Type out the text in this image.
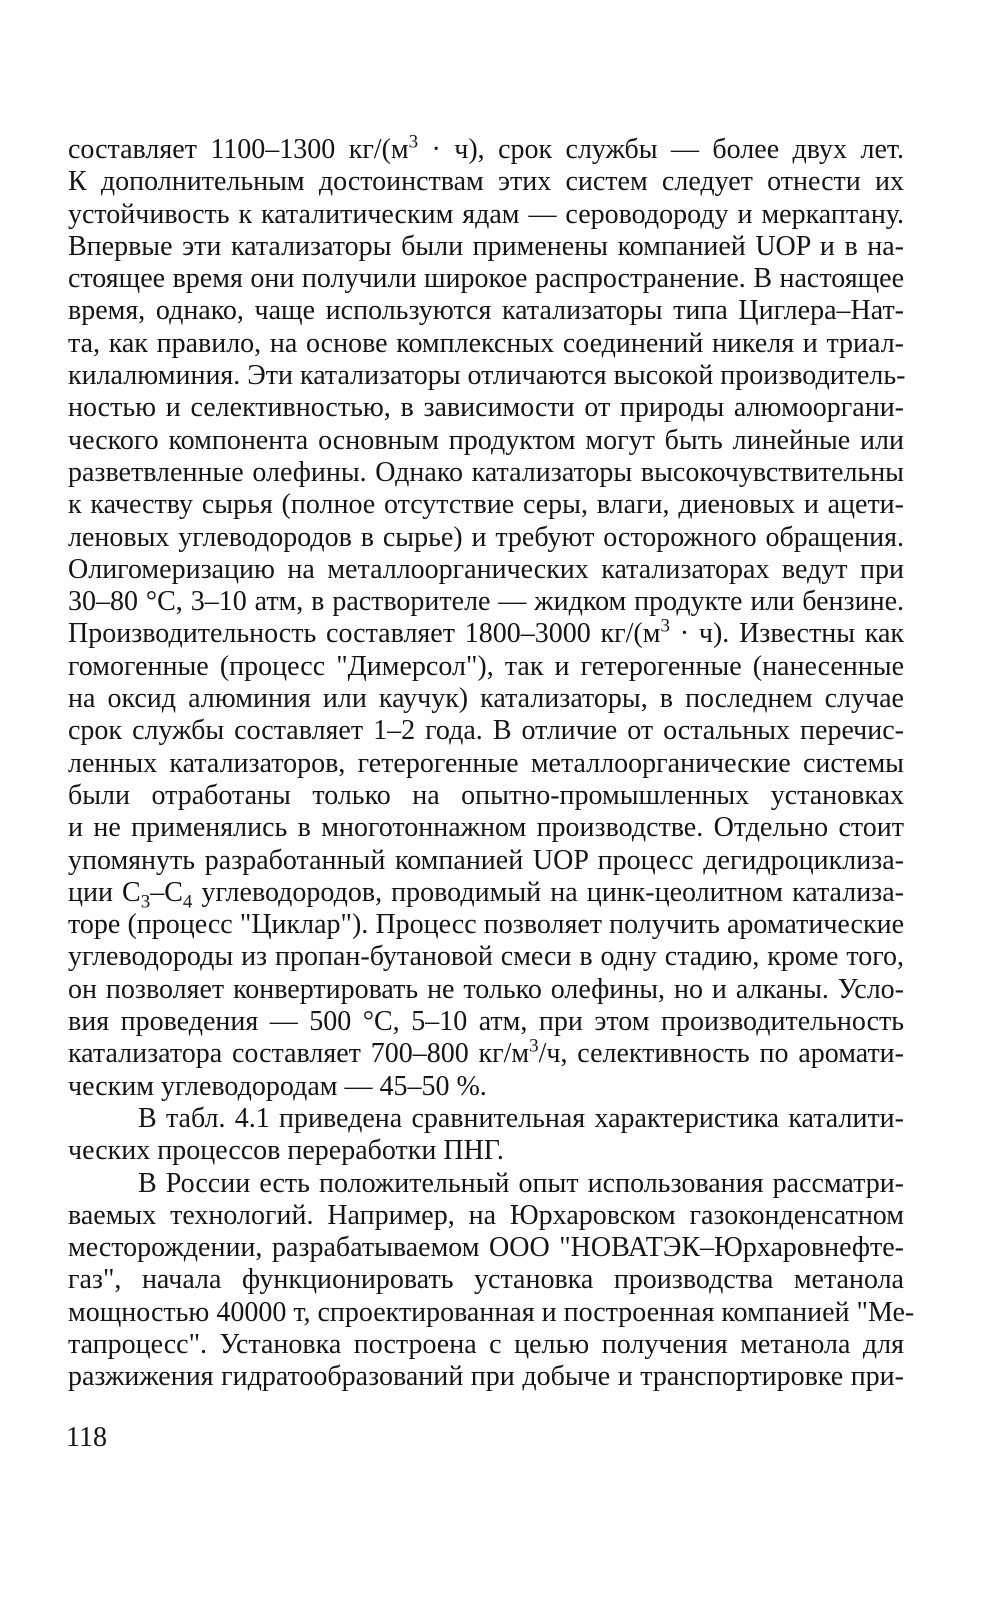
составляет 1100–1300 $кг/(м^3 \cdot ч)$, срок службы — более двух лет.
К дополнительным достоинствам этих систем следует отнести их
устойчивость к каталитическим ядам — сероводороду и меркаптану.
Впервые эти катализаторы были применены компанией UOP и в на-
стоящее время они получили широкое распространение. В настоящее
время, однако, чаще используются катализаторы типа Циглера–Нат-
та, как правило, на основе комплексных соединений никеля и триал-
килалюминия. Эти катализаторы отличаются высокой производитель-
ностью и селективностью, в зависимости от природы алюмооргани-
ческого компонента основным продуктом могут быть линейные или
разветвленные олефины. Однако катализаторы высокочувствительны
к качеству сырья (полное отсутствие серы, влаги, диеновых и ацети-
леновых углеводородов в сырье) и требуют осторожного обращения.
Олигомеризацию на металлоорганических катализаторах ведут при
30–80 °C, 3–10 атм, в растворителе — жидком продукте или бензине.
Производительность составляет 1800–3000 $кг/(м^3 \cdot ч)$. Известны как
гомогенные (процесс "Димерсол"), так и гетерогенные (нанесенные
на оксид алюминия или каучук) катализаторы, в последнем случае
срок службы составляет 1–2 года. В отличие от остальных перечис-
ленных катализаторов, гетерогенные металлоорганические системы
были отработаны только на опытно-промышленных установках
и не применялись в многотоннажном производстве. Отдельно стоит
упомянуть разработанный компанией UOP процесс дегидроциклиза-
ции $C_3-C_4$ углеводородов, проводимый на цинк-цеолитном катализа-
торе (процесс "Циклар"). Процесс позволяет получить ароматические
углеводороды из пропан-бутановой смеси в одну стадию, кроме того,
он позволяет конвертировать не только олефины, но и алканы. Усло-
вия проведения — 500 °C, 5–10 атм, при этом производительность
катализатора составляет 700–800 $кг/м^3/ч$, селективность по аромати-
ческим углеводородам — 45–50 %.
В табл. 4.1 приведена сравнительная характеристика каталити-
ческих процессов переработки ПНГ.
В России есть положительный опыт использования рассматри-
ваемых технологий. Например, на Юрхаровском газоконденсатном
месторождении, разрабатываемом ООО "НОВАТЭК–Юрхаровнефте-
газ", начала функционировать установка производства метанола
мощностью 40000 т, спроектированная и построенная компанией "Ме-
тапроцесс". Установка построена с целью получения метанола для
разжижения гидратообразований при добыче и транспортировке при-
118
